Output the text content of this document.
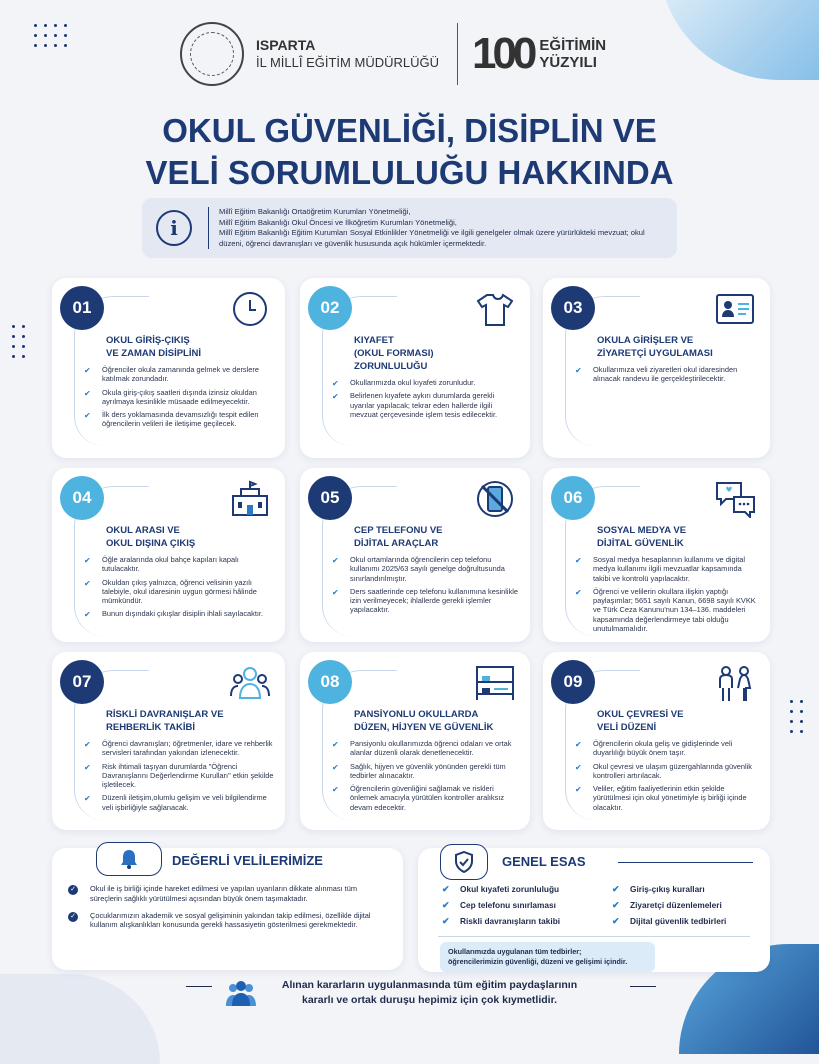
ISPARTA
İL MİLLÎ EĞİTİM MÜDÜRLÜĞÜ 100 EĞİTİMİN
YÜZYILI
OKUL GÜVENLİĞİ, DİSİPLİN VE
VELİ SORUMLULUĞU HAKKINDA
i
Millî Eğitim Bakanlığı Ortaöğretim Kurumları Yönetmeliği,
Millî Eğitim Bakanlığı Okul Öncesi ve İlköğretim Kurumları Yönetmeliği,
Millî Eğitim Bakanlığı Eğitim Kurumları Sosyal Etkinlikler Yönetmeliği ve ilgili genelgeler olmak üzere yürürlükteki mevzuat; okul düzeni, öğrenci davranışları ve güvenlik hususunda açık hükümler içermektedir.
01
OKUL GİRİŞ-ÇIKIŞ
VE ZAMAN DİSİPLİNİ
✔ Öğrenciler okula zamanında gelmek ve derslere katılmak zorundadır.
✔ Okula giriş-çıkış saatleri dışında izinsiz okuldan ayrılmaya kesinlikle müsaade edilmeyecektir.
✔ İlk ders yoklamasında devamsızlığı tespit edilen öğrencilerin velileri ile iletişime geçilecek.
02
KIYAFET
(OKUL FORMASI)
ZORUNLULUĞU
✔ Okullarımızda okul kıyafeti zorunludur.
✔ Belirlenen kıyafete aykırı durumlarda gerekli uyarılar yapılacak; tekrar eden hallerde ilgili mevzuat çerçevesinde işlem tesis edilecektir.
03
OKULA GİRİŞLER VE
ZİYARETÇİ UYGULAMASI
✔ Okullarımıza veli ziyaretleri okul idaresinden alınacak randevu ile gerçekleştirilecektir.
04
OKUL ARASI VE
OKUL DIŞINA ÇIKIŞ
✔ Öğle aralarında okul bahçe kapıları kapalı tutulacaktır.
✔ Okuldan çıkış yalnızca, öğrenci velisinin yazılı talebiyle, okul idaresinin uygun görmesi hâlinde mümkündür.
✔ Bunun dışındaki çıkışlar disiplin ihlali sayılacaktır.
05
CEP TELEFONU VE
DİJİTAL ARAÇLAR
✔ Okul ortamlarında öğrencilerin cep telefonu kullanımı 2025/63 sayılı genelge doğrultusunda sınırlandırılmıştır.
✔ Ders saatlerinde cep telefonu kullanımına kesinlikle izin verilmeyecek; ihlallerde gerekli işlemler yapılacaktır.
06
SOSYAL MEDYA VE
DİJİTAL GÜVENLİK
✔ Sosyal medya hesaplarının kullanımı ve digital medya kullanımı ilgili mevzuatlar kapsamında takibi ve kontrolü yapılacaktır.
✔ Öğrenci ve velilerin okullara ilişkin yaptığı paylaşımlar; 5651 sayılı Kanun, 6698 sayılı KVKK ve Türk Ceza Kanunu'nun 134–136. maddeleri kapsamında değerlendirmeye tabi olduğu unutulmamalıdır.
07
RİSKLİ DAVRANIŞLAR VE
REHBERLİK TAKİBİ
✔ Öğrenci davranışları; öğretmenler, idare ve rehberlik servisleri tarafından yakından izlenecektir.
✔ Risk ihtimali taşıyan durumlarda "Öğrenci Davranışlarını Değerlendirme Kurulları" etkin şekilde işletilecek.
✔ Düzenli iletişim,olumlu gelişim ve veli bilgilendirme veli işbirliğiyle sağlanacak.
08
PANSİYONLU OKULLARDA
DÜZEN, HİJYEN VE GÜVENLİK
✔ Pansiyonlu okullarımızda öğrenci odaları ve ortak alanlar düzenli olarak denetlenecektir.
✔ Sağlık, hijyen ve güvenlik yönünden gerekli tüm tedbirler alınacaktır.
✔ Öğrencilerin güvenliğini sağlamak ve riskleri önlemek amacıyla yürütülen kontroller aralıksız devam edecektir.
09
OKUL ÇEVRESİ VE
VELİ DÜZENİ
✔ Öğrencilerin okula geliş ve gidişlerinde veli duyarlılığı büyük önem taşır.
✔ Okul çevresi ve ulaşım güzergahlarında güvenlik kontrolleri artırılacak.
✔ Veliler, eğitim faaliyetlerinin etkin şekilde yürütülmesi için okul yönetimiyle iş birliği içinde olacaktır.
DEĞERLİ VELİLERİMİZE
✓ Okul ile iş birliği içinde hareket edilmesi ve yapılan uyarıların dikkate alınması tüm süreçlerin sağlıklı yürütülmesi açısından büyük önem taşımaktadır.
✓ Çocuklarımızın akademik ve sosyal gelişiminin yakından takip edilmesi, özellikle dijital kullanım alışkanlıkları konusunda gerekli hassasiyetin gösterilmesi gerekmektedir.
GENEL ESAS
✔ Okul kıyafeti zorunluluğu	✔ Giriş-çıkış kuralları
✔ Cep telefonu sınırlaması	✔ Ziyaretçi düzenlemeleri
✔ Riskli davranışların takibi	✔ Dijital güvenlik tedbirleri
Okullarımızda uygulanan tüm tedbirler;
öğrencilerimizin güvenliği, düzeni ve gelişimi içindir.
Alınan kararların uygulanmasında tüm eğitim paydaşlarının
kararlı ve ortak duruşu hepimiz için çok kıymetlidir.
